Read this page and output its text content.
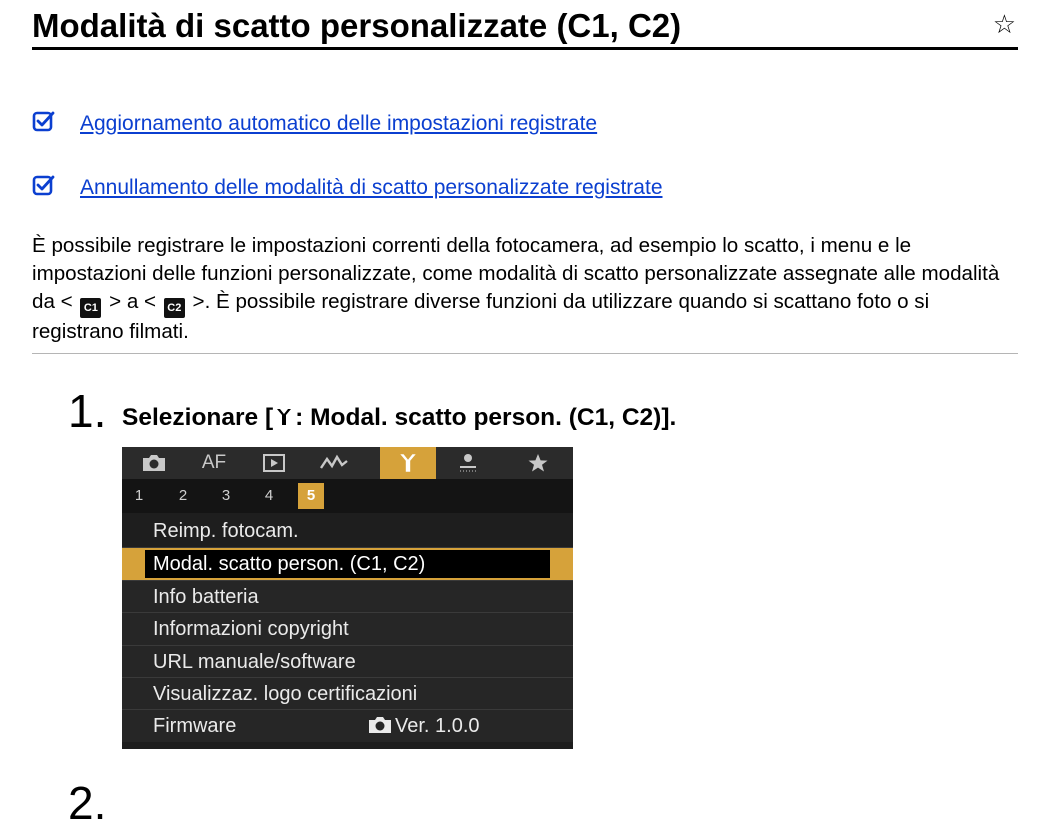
Modalità di scatto personalizzate (C1, C2)	☆
Aggiornamento automatico delle impostazioni registrate
Annullamento delle modalità di scatto personalizzate registrate

È possibile registrare le impostazioni correnti della fotocamera, ad esempio lo scatto, i menu e le impostazioni delle funzioni personalizzate, come modalità di scatto personalizzate assegnate alle modalità da < C1 > a < C2 >. È possibile registrare diverse funzioni da utilizzare quando si scattano foto o si registrano filmati.

1. Selezionare [ : Modal. scatto person. (C1, C2)].
AF
1	2	3	4	5
Reimp. fotocam.
Modal. scatto person. (C1, C2)
Info batteria
Informazioni copyright
URL manuale/software
Visualizzaz. logo certificazioni
Firmware	Ver. 1.0.0
2.
